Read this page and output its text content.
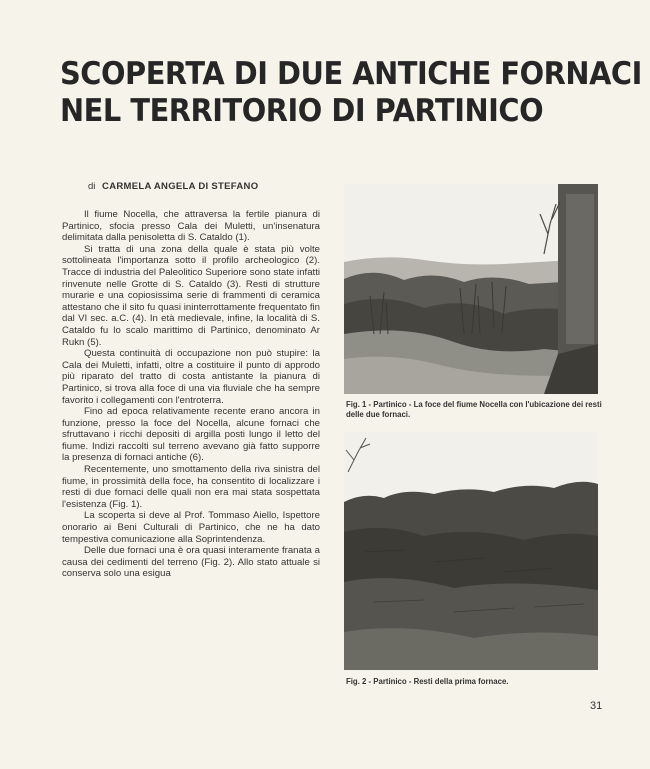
SCOPERTA DI DUE ANTICHE FORNACI
NEL TERRITORIO DI PARTINICO
di CARMELA ANGELA DI STEFANO

Il fiume Nocella, che attraversa la fertile pianura di Partinico, sfocia presso Cala dei Muletti, un'insenatura delimitata dalla penisoletta di S. Cataldo (1).

Si tratta di una zona della quale è stata più volte sottolineata l'importanza sotto il profilo archeologico (2). Tracce di industria del Paleolitico Superiore sono state infatti rinvenute nelle Grotte di S. Cataldo (3). Resti di strutture murarie e una copiosissima serie di frammenti di ceramica attestano che il sito fu quasi ininterrottamente frequentato fin dal VI sec. a.C. (4). In età medievale, infine, la località di S. Cataldo fu lo scalo marittimo di Partinico, denominato Ar Rukn (5).

Questa continuità di occupazione non può stupire: la Cala dei Muletti, infatti, oltre a costituire il punto di approdo più riparato del tratto di costa antistante la pianura di Partinico, si trova alla foce di una via fluviale che ha sempre favorito i collegamenti con l'entroterra.

Fino ad epoca relativamente recente erano ancora in funzione, presso la foce del Nocella, alcune fornaci che sfruttavano i ricchi depositi di argilla posti lungo il letto del fiume. Indizi raccolti sul terreno avevano già fatto supporre la presenza di fornaci antiche (6).

Recentemente, uno smottamento della riva sinistra del fiume, in prossimità della foce, ha consentito di localizzare i resti di due fornaci delle quali non era mai stata sospettata l'esistenza (Fig. 1).

La scoperta si deve al Prof. Tommaso Aiello, Ispettore onorario ai Beni Culturali di Partinico, che ne ha dato tempestiva comunicazione alla Soprintendenza.

Delle due fornaci una è ora quasi interamente franata a causa dei cedimenti del terreno (Fig. 2). Allo stato attuale si conserva solo una esigua

Fig. 1 - Partinico - La foce del fiume Nocella con l'ubicazione dei resti delle due fornaci.
Fig. 2 - Partinico - Resti della prima fornace.
31
